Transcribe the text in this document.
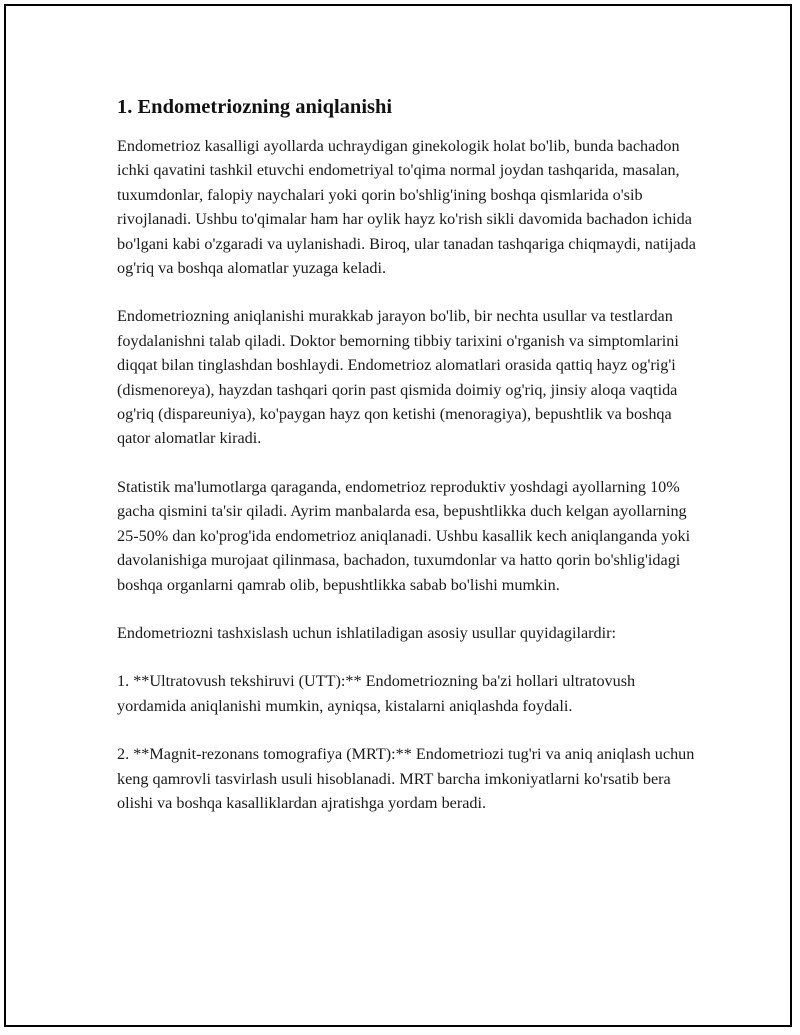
1. Endometriozning aniqlanishi

Endometrioz kasalligi ayollarda uchraydigan ginekologik holat bo'lib, bunda bachadon ichki qavatini tashkil etuvchi endometriyal to'qima normal joydan tashqarida, masalan, tuxumdonlar, falopiy naychalari yoki qorin bo'shlig'ining boshqa qismlarida o'sib rivojlanadi. Ushbu to'qimalar ham har oylik hayz ko'rish sikli davomida bachadon ichida bo'lgani kabi o'zgaradi va uylanishadi. Biroq, ular tanadan tashqariga chiqmaydi, natijada og'riq va boshqa alomatlar yuzaga keladi.

Endometriozning aniqlanishi murakkab jarayon bo'lib, bir nechta usullar va testlardan foydalanishni talab qiladi. Doktor bemorning tibbiy tarixini o'rganish va simptomlarini diqqat bilan tinglashdan boshlaydi. Endometrioz alomatlari orasida qattiq hayz og'rig'i (dismenoreya), hayzdan tashqari qorin past qismida doimiy og'riq, jinsiy aloqa vaqtida og'riq (dispareuniya), ko'paygan hayz qon ketishi (menoragiya), bepushtlik va boshqa qator alomatlar kiradi.

Statistik ma'lumotlarga qaraganda, endometrioz reproduktiv yoshdagi ayollarning 10% gacha qismini ta'sir qiladi. Ayrim manbalarda esa, bepushtlikka duch kelgan ayollarning 25-50% dan ko'prog'ida endometrioz aniqlanadi. Ushbu kasallik kech aniqlanganda yoki davolanishiga murojaat qilinmasa, bachadon, tuxumdonlar va hatto qorin bo'shlig'idagi boshqa organlarni qamrab olib, bepushtlikka sabab bo'lishi mumkin.

Endometriozni tashxislash uchun ishlatiladigan asosiy usullar quyidagilardir:

1. **Ultratovush tekshiruvi (UTT):** Endometriozning ba'zi hollari ultratovush yordamida aniqlanishi mumkin, ayniqsa, kistalarni aniqlashda foydali.

2. **Magnit-rezonans tomografiya (MRT):** Endometriozi tug'ri va aniq aniqlash uchun keng qamrovli tasvirlash usuli hisoblanadi. MRT barcha imkoniyatlarni ko'rsatib bera olishi va boshqa kasalliklardan ajratishga yordam beradi.
